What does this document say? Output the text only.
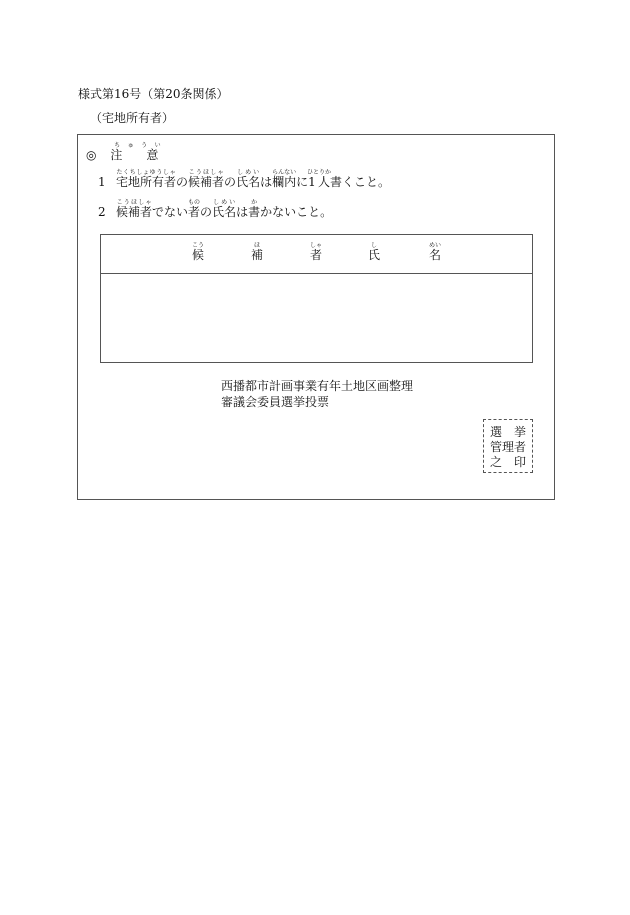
様式第16号（第20条関係）
（宅地所有者）
◎ 注　意ちゅうい
1 宅地所有者たくちしょゆうしゃの候補者こうほしゃの氏名しめいは欄内らんないに1人ひとりか書くこと。
2 候補者こうほしゃでない者ものの氏名しめいは書かかないこと。
候こう
補ほ
者しゃ
氏し
名めい
西播都市計画事業有年土地区画整理
審議会委員選挙投票
選　挙
管理者
之　印
